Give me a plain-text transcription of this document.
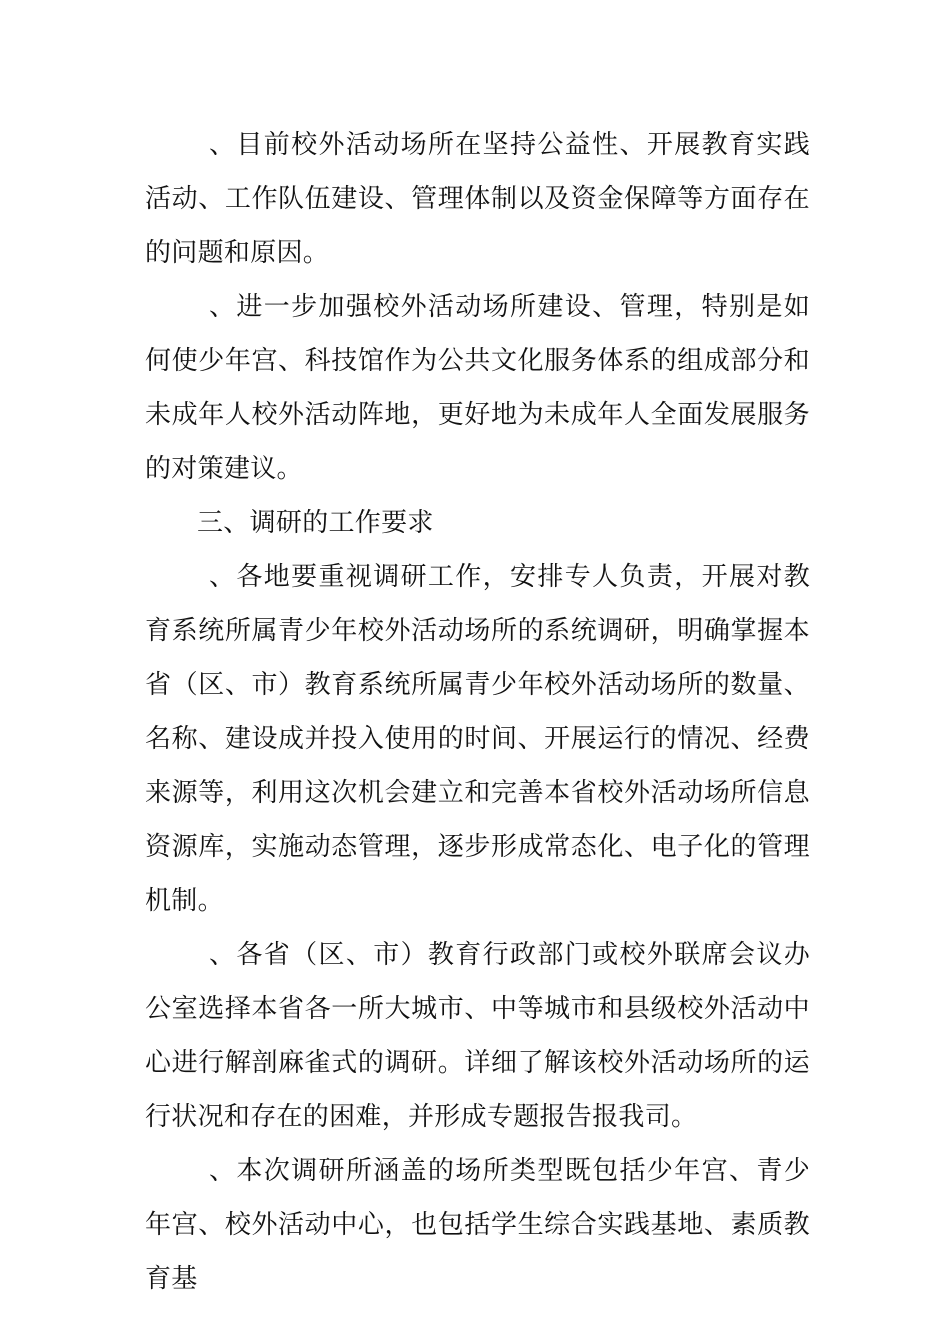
、目前校外活动场所在坚持公益性、开展教育实践活动、工作队伍建设、管理体制以及资金保障等方面存在的问题和原因。

、进一步加强校外活动场所建设、管理，特别是如何使少年宫、科技馆作为公共文化服务体系的组成部分和未成年人校外活动阵地，更好地为未成年人全面发展服务的对策建议。

三、调研的工作要求

、各地要重视调研工作，安排专人负责，开展对教育系统所属青少年校外活动场所的系统调研，明确掌握本省（区、市）教育系统所属青少年校外活动场所的数量、名称、建设成并投入使用的时间、开展运行的情况、经费来源等，利用这次机会建立和完善本省校外活动场所信息资源库，实施动态管理，逐步形成常态化、电子化的管理机制。

、各省（区、市）教育行政部门或校外联席会议办公室选择本省各一所大城市、中等城市和县级校外活动中心进行解剖麻雀式的调研。详细了解该校外活动场所的运行状况和存在的困难，并形成专题报告报我司。

、本次调研所涵盖的场所类型既包括少年宫、青少年宫、校外活动中心，也包括学生综合实践基地、素质教育基
